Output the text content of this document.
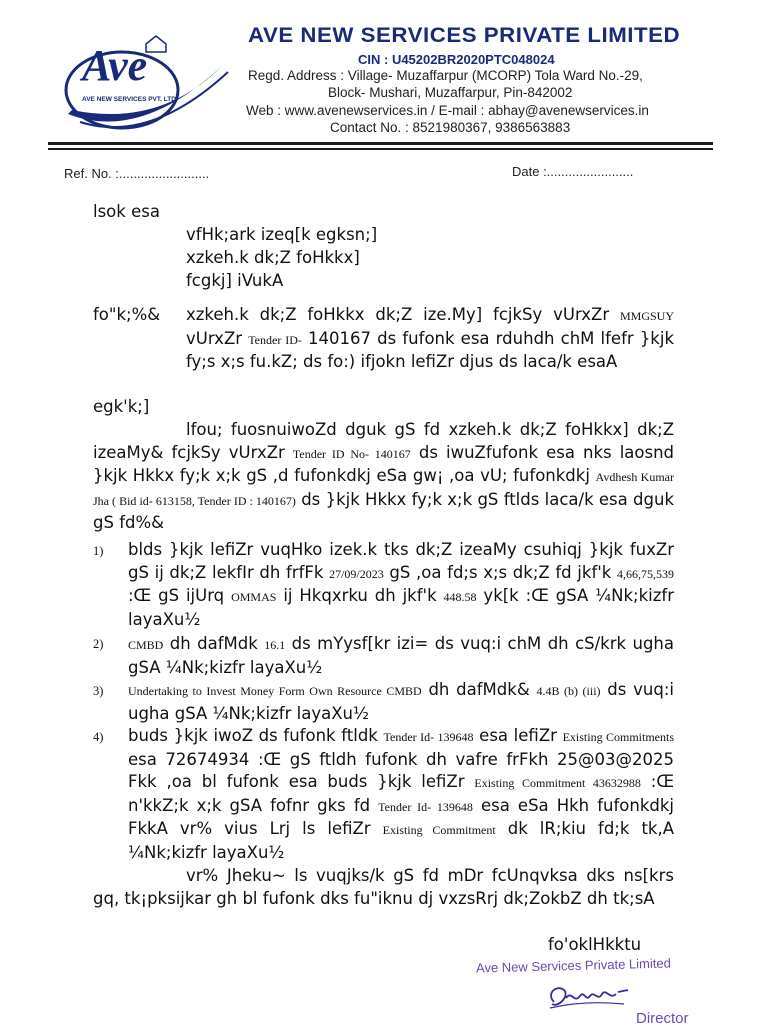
Ave
AVE NEW SERVICES PVT. LTD.
AVE NEW SERVICES PRIVATE LIMITED
CIN : U45202BR2020PTC048024
Regd. Address : Village- Muzaffarpur (MCORP) Tola Ward No.-29,
Block- Mushari, Muzaffarpur, Pin-842002
Web : www.avenewservices.in / E-mail : abhay@avenewservices.in
Contact No. : 8521980367, 9386563883
Ref. No. :.........................	Date :........................
lsok esa
vfHk;ark izeq[k egksn;]
xzkeh.k dk;Z foHkkx]
fcgkj] iVukA
fo"k;%& xzkeh.k dk;Z foHkkx dk;Z ize.My] fcjkSy vUrxZr MMGSUY vUrxZr Tender ID- 140167 ds fufonk esa rduhdh chM lfefr }kjk fy;s x;s fu.kZ; ds fo:) ifjokn lefiZr djus ds laca/k esaA
egk'k;]
lfou; fuosnuiwoZd dguk gS fd xzkeh.k dk;Z foHkkx] dk;Z izeaMy& fcjkSy vUrxZr Tender ID No- 140167 ds iwuZfufonk esa nks laosnd }kjk Hkkx fy;k x;k gS ,d fufonkdkj eSa gw¡ ,oa vU; fufonkdkj Avdhesh Kumar Jha ( Bid id- 613158, Tender ID : 140167) ds }kjk Hkkx fy;k x;k gS ftlds laca/k esa dguk gS fd%&
1) blds }kjk lefiZr vuqHko izek.k tks dk;Z izeaMy csuhiqj }kjk fuxZr gS ij dk;Z lekfIr dh frfFk 27/09/2023 gS ,oa fd;s x;s dk;Z fd jkf'k 4,66,75,539 :Œ gS ijUrq OMMAS ij Hkqxrku dh jkf'k 448.58 yk[k :Œ gSA ¼Nk;kizfr layaXu½
2) CMBD dh dafMdk 16.1 ds mYysf[kr izi= ds vuq:i chM dh cS/krk ugha gSA ¼Nk;kizfr layaXu½
3) Undertaking to Invest Money Form Own Resource CMBD dh dafMdk& 4.4B (b) (iii) ds vuq:i ugha gSA ¼Nk;kizfr layaXu½
4) buds }kjk iwoZ ds fufonk ftldk Tender Id- 139648 esa lefiZr Existing Commitments esa 72674934 :Œ gS ftldh fufonk dh vafre frFkh 25@03@2025 Fkk ,oa bl fufonk esa buds }kjk lefiZr Existing Commitment 43632988 :Œ n'kkZ;k x;k gSA fofnr gks fd Tender Id- 139648 esa eSa Hkh fufonkdkj FkkA vr% vius Lrj ls lefiZr Existing Commitment dk lR;kiu fd;k tk,A ¼Nk;kizfr layaXu½
vr% Jheku~ ls vuqjks/k gS fd mDr fcUnqvksa dks ns[krs gq, tk¡pksijkar gh bl fufonk dks fu"iknu dj vxzsRrj dk;ZokbZ dh tk;sA
fo'oklHkktu
Ave New Services Private Limited
Director
